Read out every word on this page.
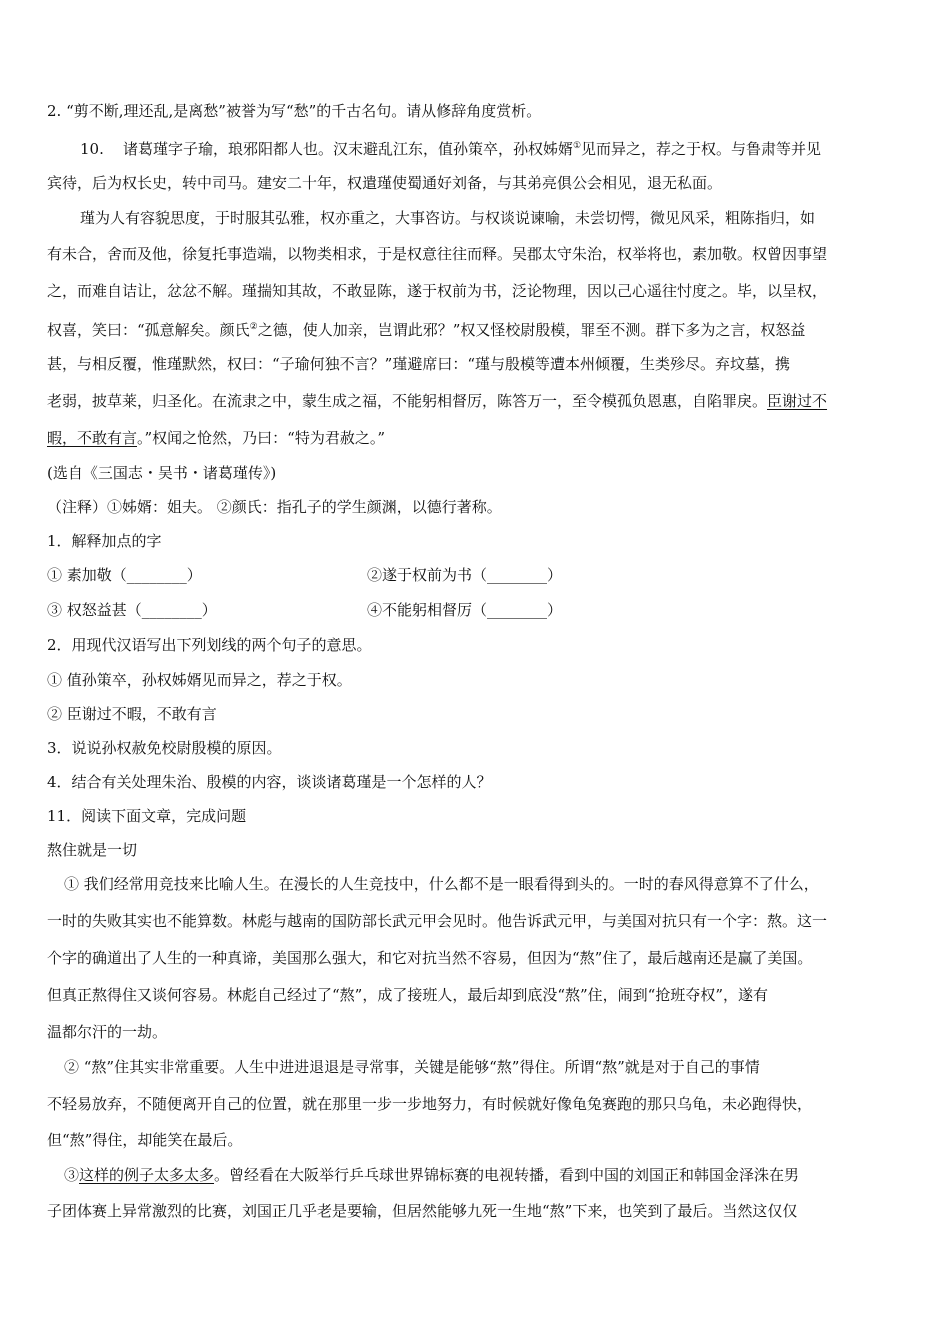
2. “剪不断,理还乱,是离愁”被誉为写“愁”的千古名句。请从修辞角度赏析。
10. 诸葛瑾字子瑜，琅邪阳都人也。汉末避乱江东，值孙策卒，孙权姊婿①见而异之，荐之于权。与鲁肃等并见
宾待，后为权长史，转中司马。建安二十年，权遣瑾使蜀通好刘备，与其弟亮俱公会相见，退无私面。
瑾为人有容貌思度，于时服其弘雅，权亦重之，大事咨访。与权谈说谏喻，未尝切愕，微见风采，粗陈指归，如
有未合，舍而及他，徐复托事造端，以物类相求，于是权意往往而释。吴郡太守朱治，权举将也，素加敬。权曾因事望
之，而难自诘让，忿忿不解。瑾揣知其故，不敢显陈，遂于权前为书，泛论物理，因以己心遥往忖度之。毕，以呈权，
权喜，笑曰：“孤意解矣。颜氏②之德，使人加亲，岂谓此邪？”权又怪校尉殷模，罪至不测。群下多为之言，权怒益
甚，与相反覆，惟瑾默然，权曰：“子瑜何独不言？”瑾避席曰：“瑾与殷模等遭本州倾覆，生类殄尽。弃坟墓，携
老弱，披草莱，归圣化。在流隶之中，蒙生成之福，不能躬相督厉，陈答万一，至令模孤负恩惠，自陷罪戾。臣谢过不
暇，不敢有言。”权闻之怆然，乃曰：“特为君赦之。”
(选自《三国志・吴书・诸葛瑾传》)
（注释）①姊婿：姐夫。 ②颜氏：指孔子的学生颜渊，以德行著称。
1．解释加点的字
① 素加敬（________）	②遂于权前为书（________）
③ 权怒益甚（________）	④不能躬相督厉（________）
2．用现代汉语写出下列划线的两个句子的意思。
① 值孙策卒，孙权姊婿见而异之，荐之于权。
② 臣谢过不暇，不敢有言
3．说说孙权赦免校尉殷模的原因。
4．结合有关处理朱治、殷模的内容，谈谈诸葛瑾是一个怎样的人？
11．阅读下面文章，完成问题
熬住就是一切
① 我们经常用竞技来比喻人生。在漫长的人生竞技中，什么都不是一眼看得到头的。一时的春风得意算不了什么，
一时的失败其实也不能算数。林彪与越南的国防部长武元甲会见时。他告诉武元甲，与美国对抗只有一个字：熬。这一
个字的确道出了人生的一种真谛，美国那么强大，和它对抗当然不容易，但因为“熬”住了，最后越南还是赢了美国。
但真正熬得住又谈何容易。林彪自己经过了“熬”，成了接班人，最后却到底没“熬”住，闹到“抢班夺权”，遂有
温都尔汗的一劫。
② “熬”住其实非常重要。人生中进进退退是寻常事，关键是能够“熬”得住。所谓“熬”就是对于自己的事情
不轻易放弃，不随便离开自己的位置，就在那里一步一步地努力，有时候就好像龟兔赛跑的那只乌龟，未必跑得快，
但“熬”得住，却能笑在最后。
③这样的例子太多太多。曾经看在大阪举行乒乓球世界锦标赛的电视转播，看到中国的刘国正和韩国金泽洙在男
子团体赛上异常激烈的比赛，刘国正几乎老是要输，但居然能够九死一生地“熬”下来，也笑到了最后。当然这仅仅
